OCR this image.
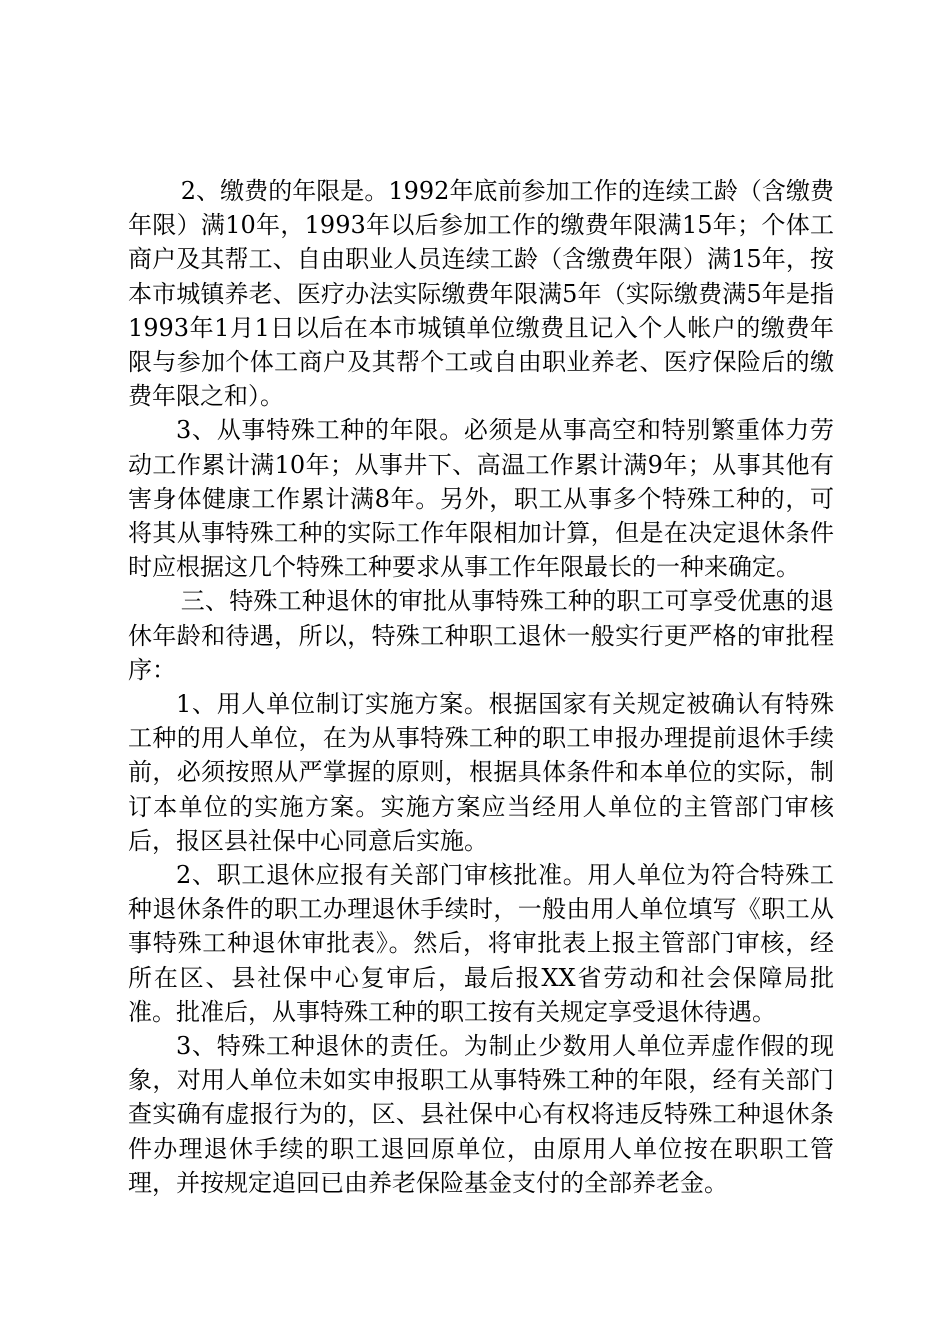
2、缴费的年限是。1992年底前参加工作的连续工龄（含缴费年限）满10年，1993年以后参加工作的缴费年限满15年；个体工商户及其帮工、自由职业人员连续工龄（含缴费年限）满15年，按本市城镇养老、医疗办法实际缴费年限满5年（实际缴费满5年是指1993年1月1日以后在本市城镇单位缴费且记入个人帐户的缴费年限与参加个体工商户及其帮个工或自由职业养老、医疗保险后的缴费年限之和）。

3、从事特殊工种的年限。必须是从事高空和特别繁重体力劳动工作累计满10年；从事井下、高温工作累计满9年；从事其他有害身体健康工作累计满8年。另外，职工从事多个特殊工种的，可将其从事特殊工种的实际工作年限相加计算，但是在决定退休条件时应根据这几个特殊工种要求从事工作年限最长的一种来确定。

三、特殊工种退休的审批从事特殊工种的职工可享受优惠的退休年龄和待遇，所以，特殊工种职工退休一般实行更严格的审批程序：

1、用人单位制订实施方案。根据国家有关规定被确认有特殊工种的用人单位，在为从事特殊工种的职工申报办理提前退休手续前，必须按照从严掌握的原则，根据具体条件和本单位的实际，制订本单位的实施方案。实施方案应当经用人单位的主管部门审核后，报区县社保中心同意后实施。

2、职工退休应报有关部门审核批准。用人单位为符合特殊工种退休条件的职工办理退休手续时，一般由用人单位填写《职工从事特殊工种退休审批表》。然后，将审批表上报主管部门审核，经所在区、县社保中心复审后，最后报XX省劳动和社会保障局批准。批准后，从事特殊工种的职工按有关规定享受退休待遇。

3、特殊工种退休的责任。为制止少数用人单位弄虚作假的现象，对用人单位未如实申报职工从事特殊工种的年限，经有关部门查实确有虚报行为的，区、县社保中心有权将违反特殊工种退休条件办理退休手续的职工退回原单位，由原用人单位按在职职工管理，并按规定追回已由养老保险基金支付的全部养老金。
